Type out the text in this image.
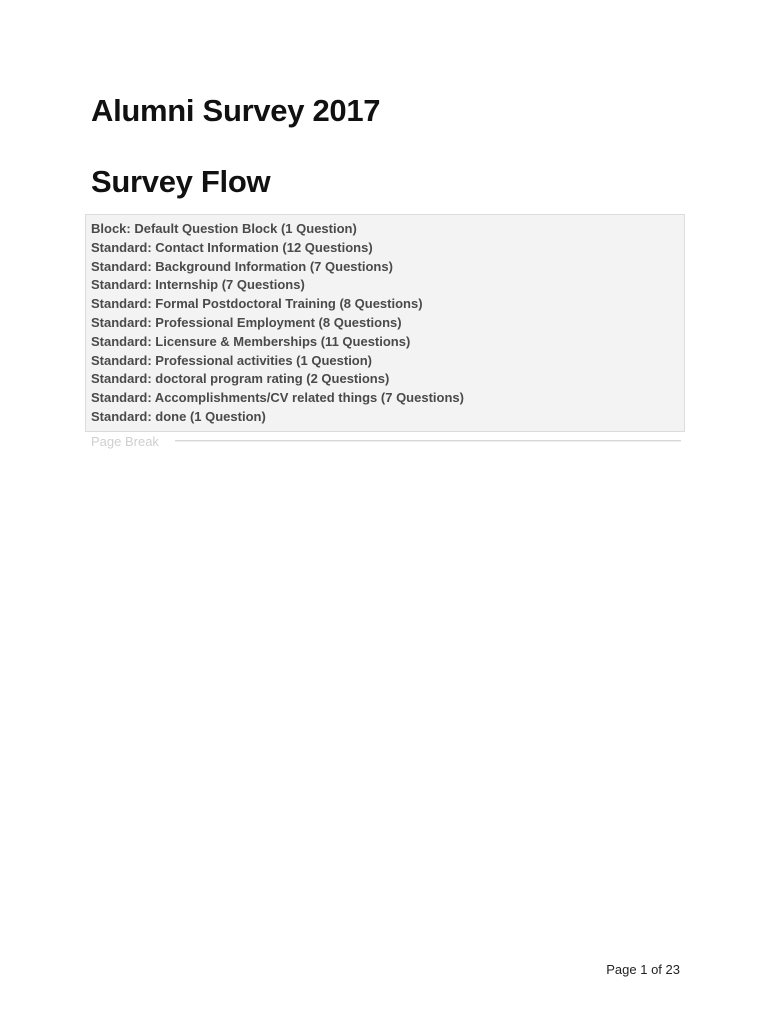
Alumni Survey 2017
Survey Flow
Block: Default Question Block (1 Question)
Standard: Contact Information (12 Questions)
Standard: Background Information (7 Questions)
Standard: Internship (7 Questions)
Standard: Formal Postdoctoral Training (8 Questions)
Standard: Professional Employment (8 Questions)
Standard: Licensure & Memberships (11 Questions)
Standard: Professional activities (1 Question)
Standard: doctoral program rating (2 Questions)
Standard: Accomplishments/CV related things (7 Questions)
Standard: done (1 Question)
Page Break
Page 1 of 23
